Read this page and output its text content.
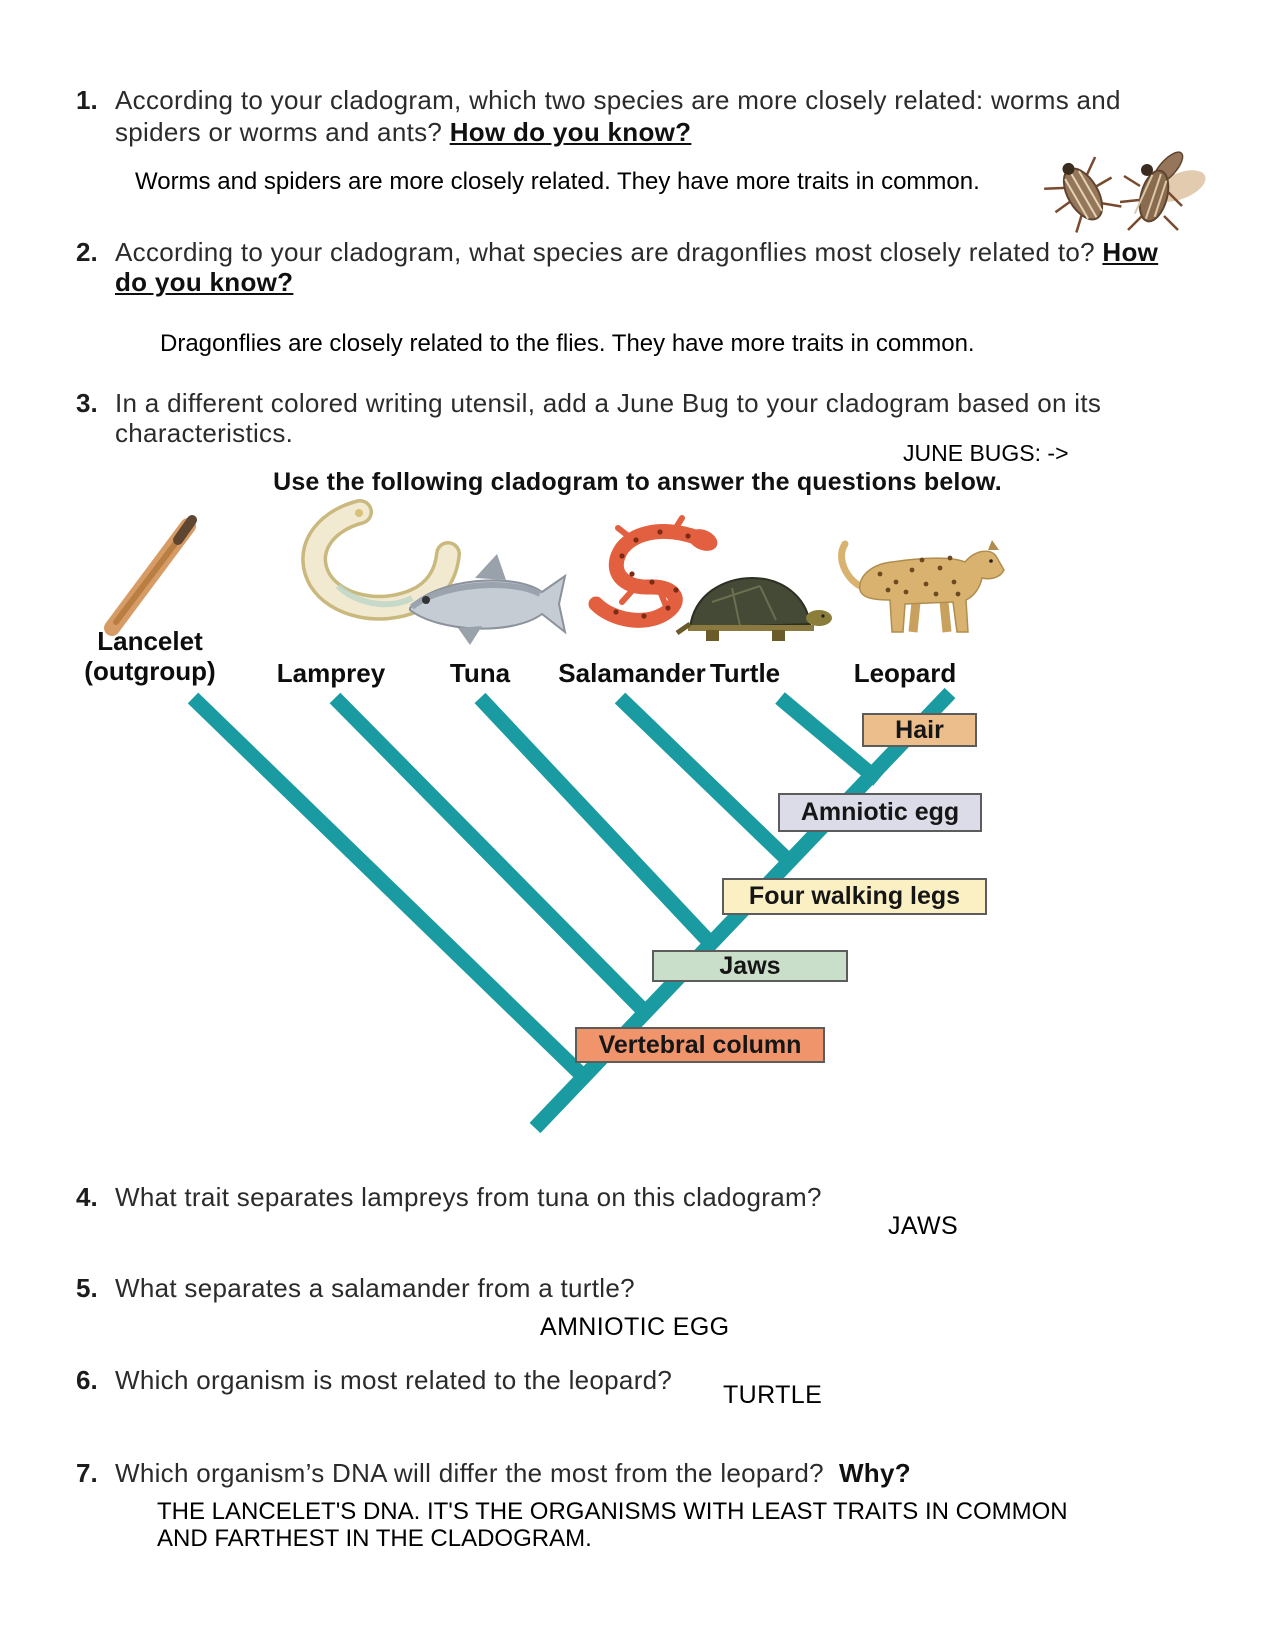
1. According to your cladogram, which two species are more closely related: worms and
spiders or worms and ants? How do you know?
Worms and spiders are more closely related. They have more traits in common.
2. According to your cladogram, what species are dragonflies most closely related to? How
do you know?
Dragonflies are closely related to the flies. They have more traits in common.
3. In a different colored writing utensil, add a June Bug to your cladogram based on its
characteristics.
JUNE BUGS: ->
Use the following cladogram to answer the questions below.
Lancelet
(outgroup)	Lamprey	Tuna	Salamander Turtle	Leopard
Hair
Amniotic egg
Four walking legs
Jaws
Vertebral column
4. What trait separates lampreys from tuna on this cladogram?
JAWS
5. What separates a salamander from a turtle?
AMNIOTIC EGG
6. Which organism is most related to the leopard? TURTLE
7. Which organism’s DNA will differ the most from the leopard?  Why?
THE LANCELET'S DNA. IT'S THE ORGANISMS WITH LEAST TRAITS IN COMMON
AND FARTHEST IN THE CLADOGRAM.
